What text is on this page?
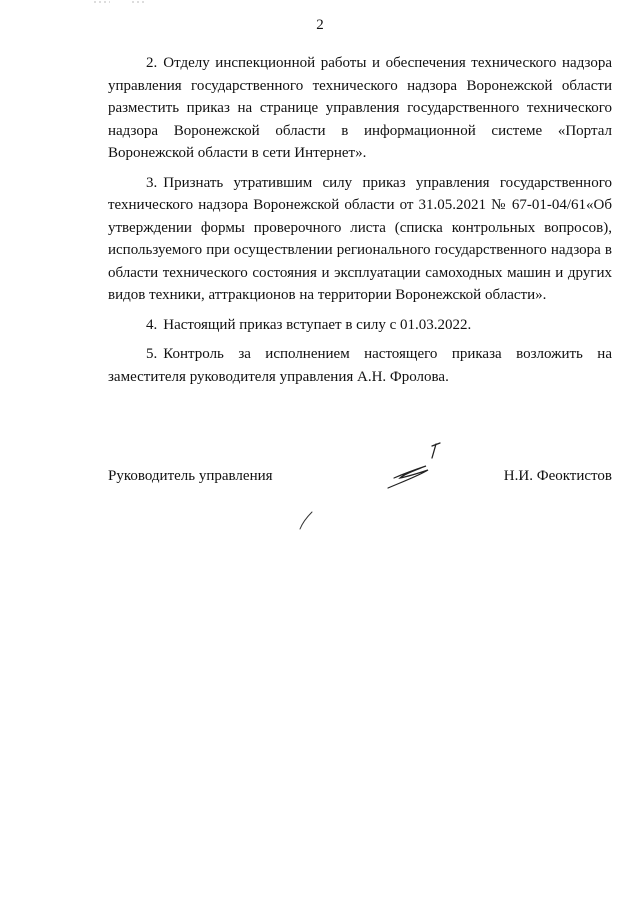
2

2. Отделу инспекционной работы и обеспечения технического надзора управления государственного технического надзора Воронежской области разместить приказ на странице управления государственного технического надзора Воронежской области в информационной системе «Портал Воронежской области в сети Интернет».

3. Признать утратившим силу приказ управления государственного технического надзора Воронежской области от 31.05.2021 № 67-01-04/61«Об утверждении формы проверочного листа (списка контрольных вопросов), используемого при осуществлении регионального государственного надзора в области технического состояния и эксплуатации самоходных машин и других видов техники, аттракционов на территории Воронежской области».

4. Настоящий приказ вступает в силу с 01.03.2022.

5. Контроль за исполнением настоящего приказа возложить на заместителя руководителя управления А.Н. Фролова.

Руководитель управления	Н.И. Феоктистов
